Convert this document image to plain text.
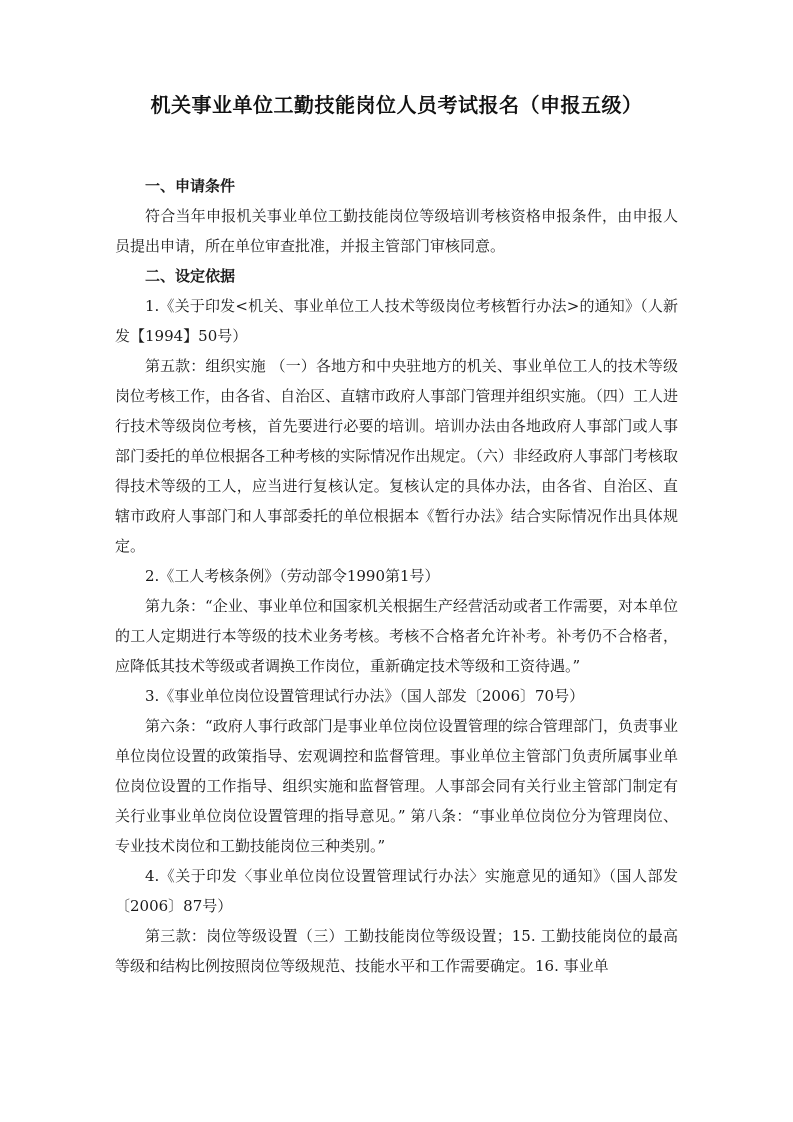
机关事业单位工勤技能岗位人员考试报名（申报五级）

一、申请条件

符合当年申报机关事业单位工勤技能岗位等级培训考核资格申报条件，由申报人员提出申请，所在单位审查批准，并报主管部门审核同意。

二、设定依据

1.《关于印发<机关、事业单位工人技术等级岗位考核暂行办法>的通知》（人新发【1994】50号）

第五款：组织实施 （一）各地方和中央驻地方的机关、事业单位工人的技术等级岗位考核工作，由各省、自治区、直辖市政府人事部门管理并组织实施。（四）工人进行技术等级岗位考核，首先要进行必要的培训。培训办法由各地政府人事部门或人事部门委托的单位根据各工种考核的实际情况作出规定。（六）非经政府人事部门考核取得技术等级的工人，应当进行复核认定。复核认定的具体办法，由各省、自治区、直辖市政府人事部门和人事部委托的单位根据本《暂行办法》结合实际情况作出具体规定。

2.《工人考核条例》（劳动部令1990第1号）

第九条：“企业、事业单位和国家机关根据生产经营活动或者工作需要，对本单位的工人定期进行本等级的技术业务考核。考核不合格者允许补考。补考仍不合格者，应降低其技术等级或者调换工作岗位，重新确定技术等级和工资待遇。”

3.《事业单位岗位设置管理试行办法》（国人部发〔2006〕70号）

第六条：“政府人事行政部门是事业单位岗位设置管理的综合管理部门，负责事业单位岗位设置的政策指导、宏观调控和监督管理。事业单位主管部门负责所属事业单位岗位设置的工作指导、组织实施和监督管理。人事部会同有关行业主管部门制定有关行业事业单位岗位设置管理的指导意见。” 第八条：“事业单位岗位分为管理岗位、专业技术岗位和工勤技能岗位三种类别。”

4.《关于印发〈事业单位岗位设置管理试行办法〉实施意见的通知》（国人部发〔2006〕87号）

第三款：岗位等级设置（三）工勤技能岗位等级设置；15. 工勤技能岗位的最高等级和结构比例按照岗位等级规范、技能水平和工作需要确定。16. 事业单
